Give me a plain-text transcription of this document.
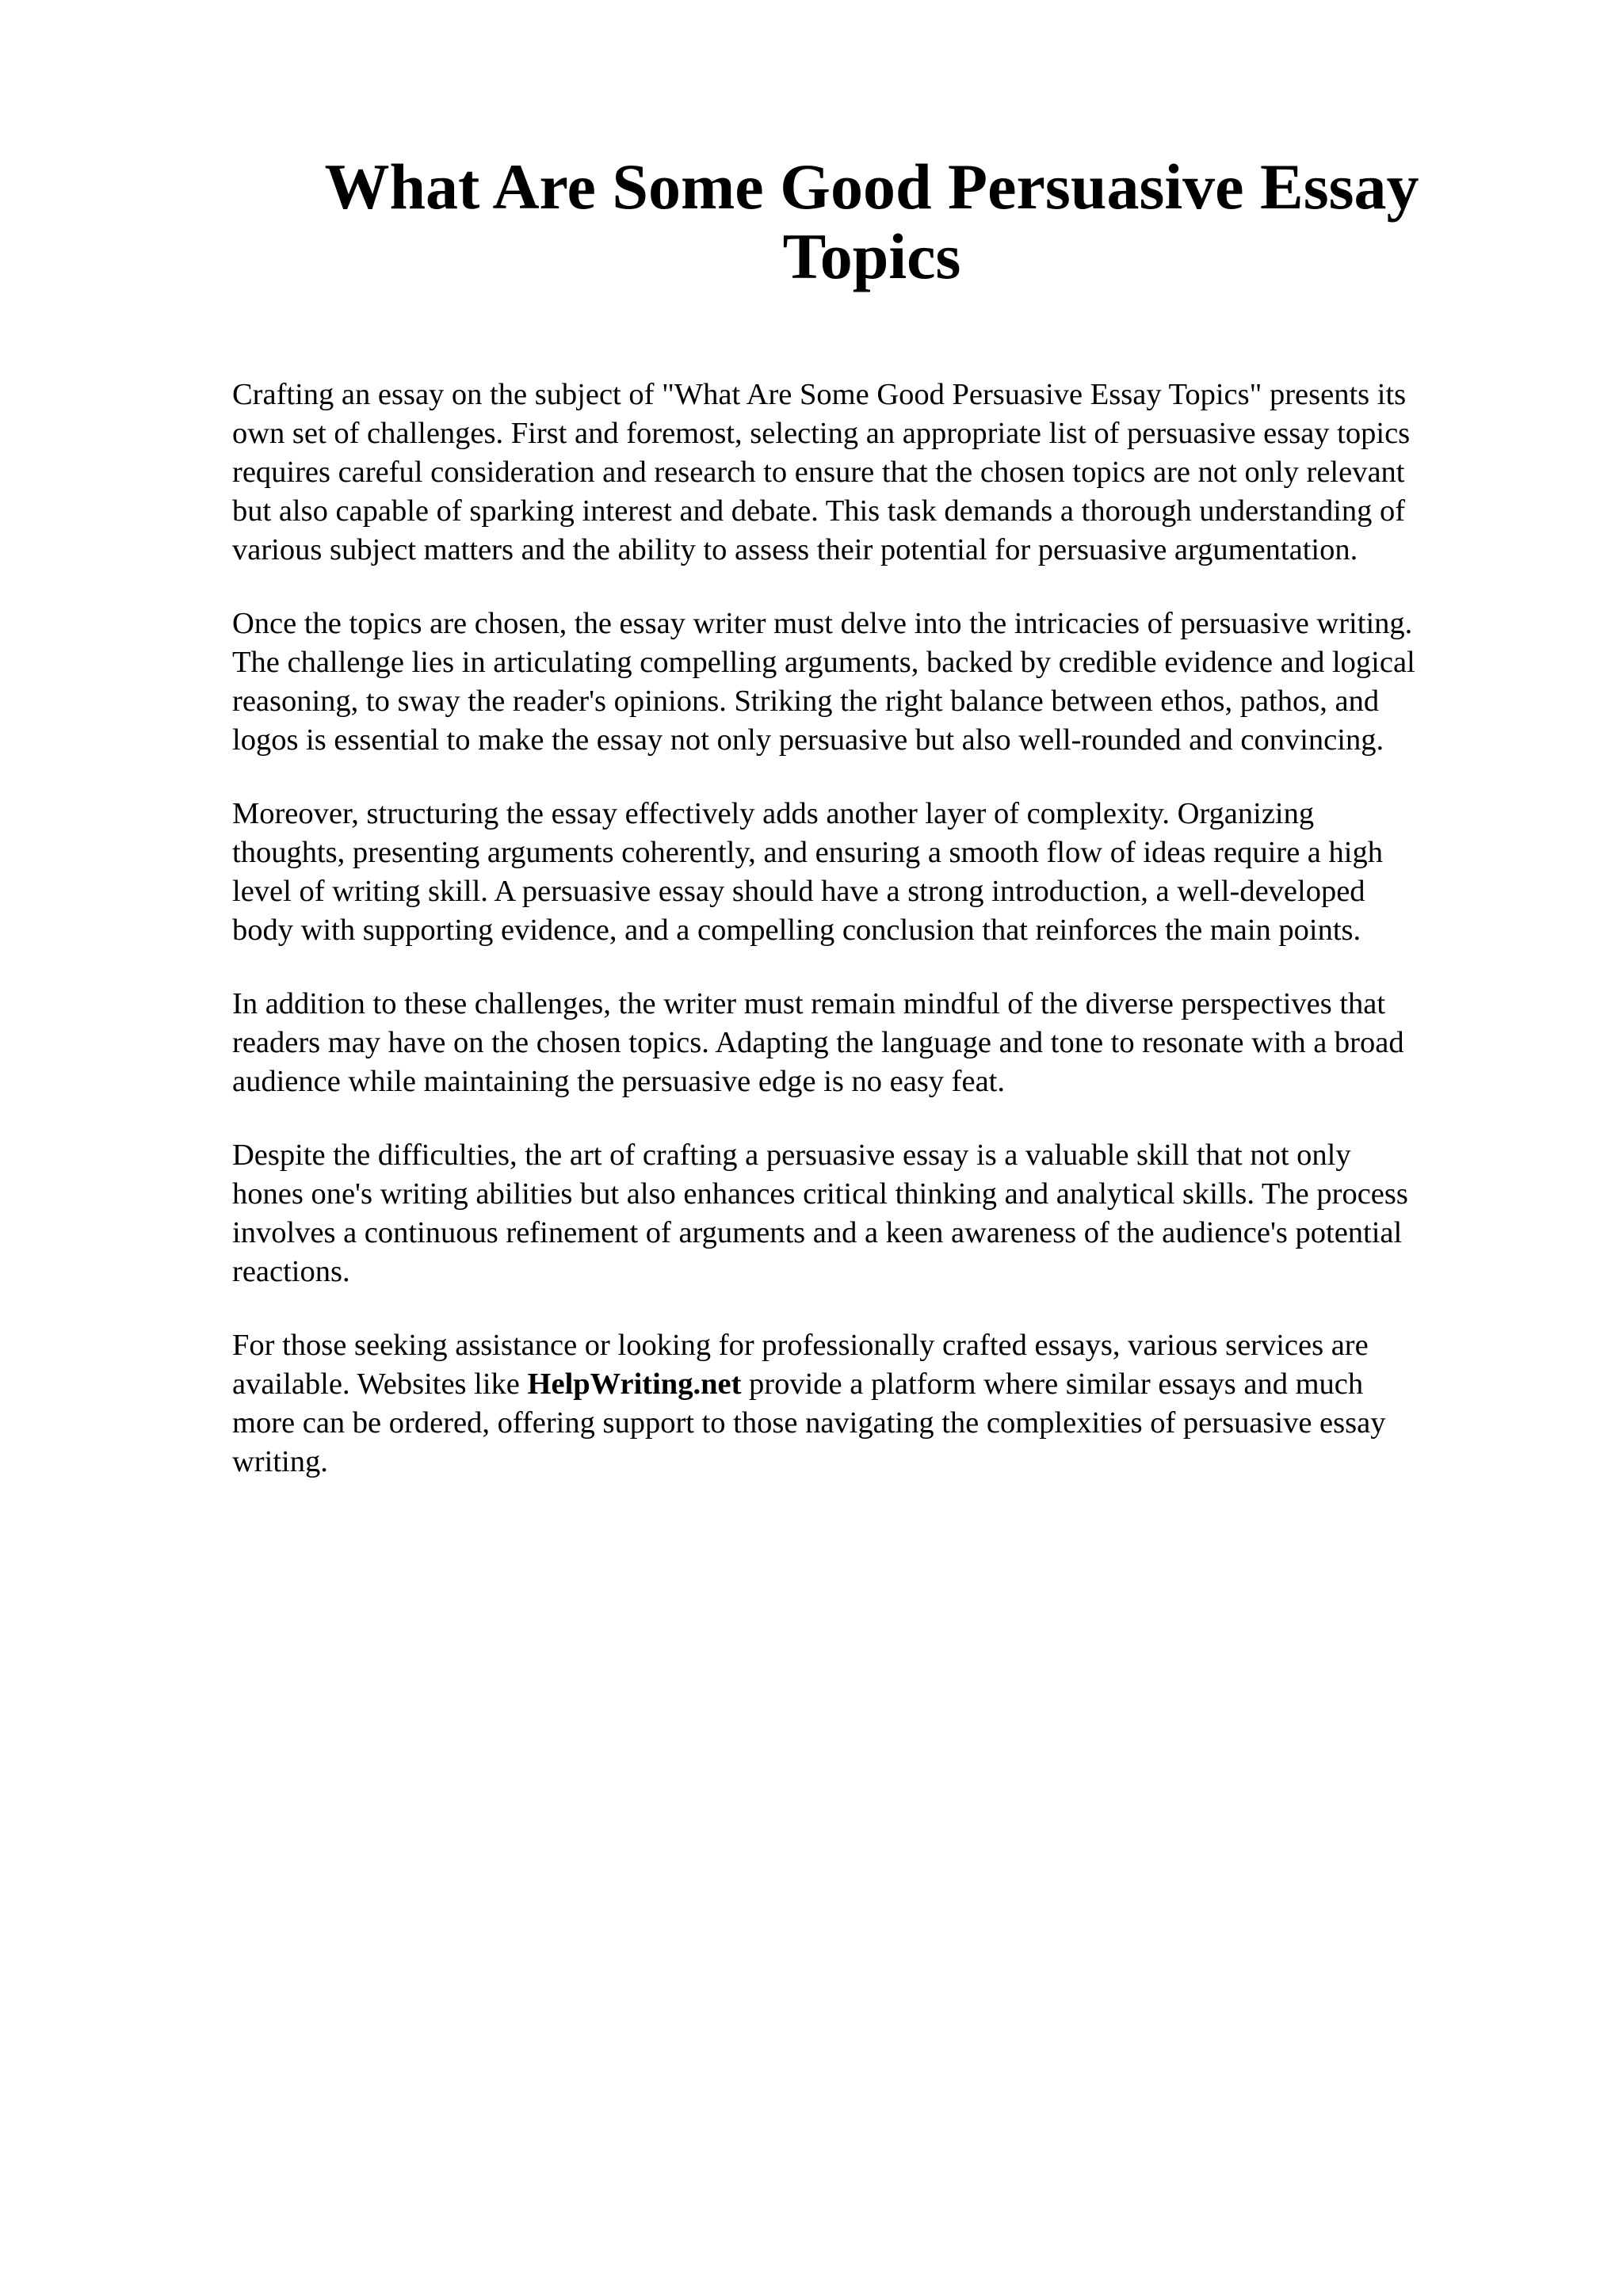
What Are Some Good Persuasive Essay
Topics

Crafting an essay on the subject of "What Are Some Good Persuasive Essay Topics" presents its
own set of challenges. First and foremost, selecting an appropriate list of persuasive essay topics
requires careful consideration and research to ensure that the chosen topics are not only relevant
but also capable of sparking interest and debate. This task demands a thorough understanding of
various subject matters and the ability to assess their potential for persuasive argumentation.

Once the topics are chosen, the essay writer must delve into the intricacies of persuasive writing.
The challenge lies in articulating compelling arguments, backed by credible evidence and logical
reasoning, to sway the reader's opinions. Striking the right balance between ethos, pathos, and
logos is essential to make the essay not only persuasive but also well-rounded and convincing.

Moreover, structuring the essay effectively adds another layer of complexity. Organizing
thoughts, presenting arguments coherently, and ensuring a smooth flow of ideas require a high
level of writing skill. A persuasive essay should have a strong introduction, a well-developed
body with supporting evidence, and a compelling conclusion that reinforces the main points.

In addition to these challenges, the writer must remain mindful of the diverse perspectives that
readers may have on the chosen topics. Adapting the language and tone to resonate with a broad
audience while maintaining the persuasive edge is no easy feat.

Despite the difficulties, the art of crafting a persuasive essay is a valuable skill that not only
hones one's writing abilities but also enhances critical thinking and analytical skills. The process
involves a continuous refinement of arguments and a keen awareness of the audience's potential
reactions.

For those seeking assistance or looking for professionally crafted essays, various services are
available. Websites like HelpWriting.net provide a platform where similar essays and much
more can be ordered, offering support to those navigating the complexities of persuasive essay
writing.
